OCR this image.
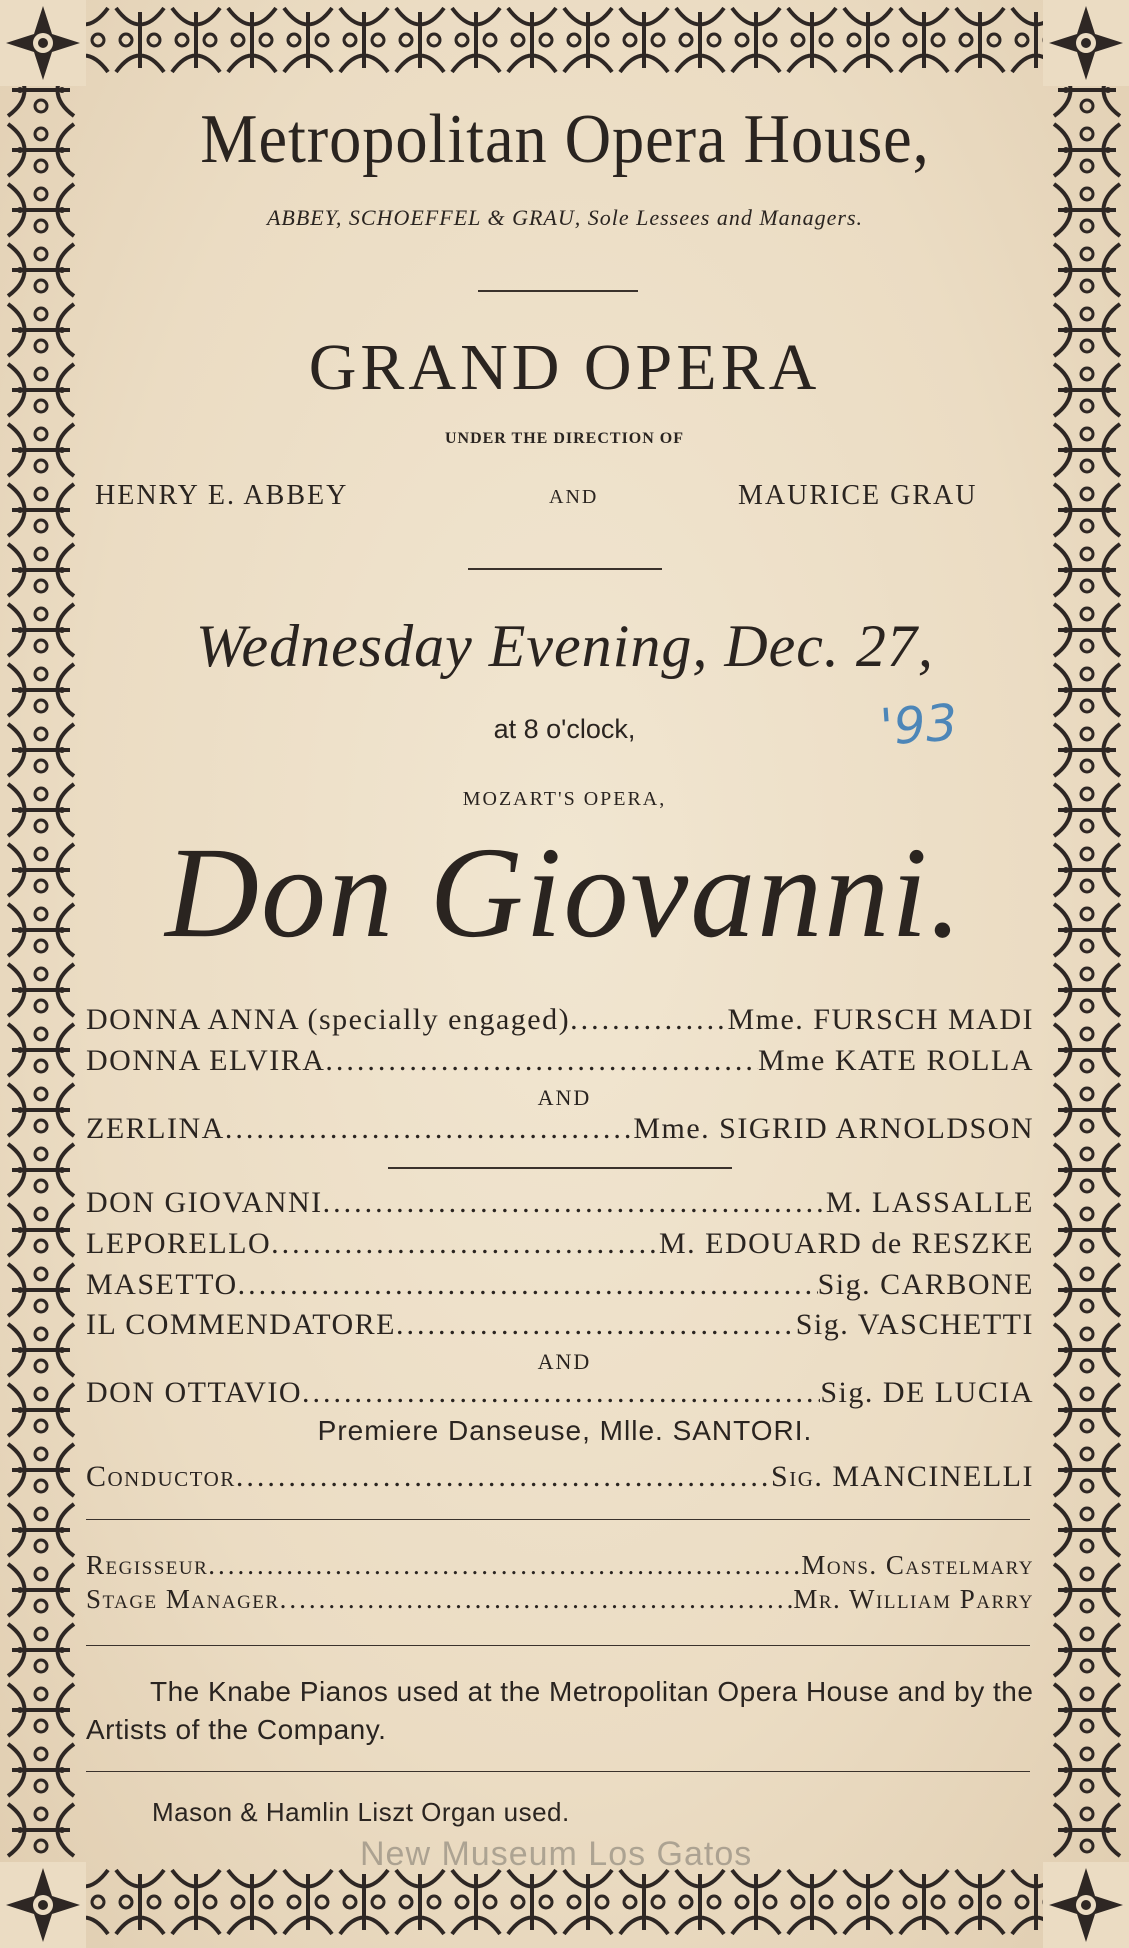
Metropolitan Opera House,
ABBEY, SCHOEFFEL & GRAU, Sole Lessees and Managers.
GRAND OPERA
UNDER THE DIRECTION OF
HENRY E. ABBEY	AND	MAURICE GRAU
Wednesday Evening, Dec. 27,
'93
at 8 o'clock,
MOZART'S OPERA,
Don Giovanni.
DONNA ANNA (specially engaged) .....	Mme. FURSCH MADI
DONNA ELVIRA .....	Mme KATE ROLLA
AND
ZERLINA .....	Mme. SIGRID ARNOLDSON
DON GIOVANNI .....	M. LASSALLE
LEPORELLO .....	M. EDOUARD de RESZKE
MASETTO .....	Sig. CARBONE
IL COMMENDATORE .....	Sig. VASCHETTI
AND
DON OTTAVIO .....	Sig. DE LUCIA
Premiere Danseuse, Mlle. SANTORI.
Conductor .....	Sig. MANCINELLI
Regisseur .....	Mons. Castelmary
Stage Manager .....	Mr. William Parry
The Knabe Pianos used at the Metropolitan Opera House and by the Artists of the Company.
Mason & Hamlin Liszt Organ used.
New Museum Los Gatos
